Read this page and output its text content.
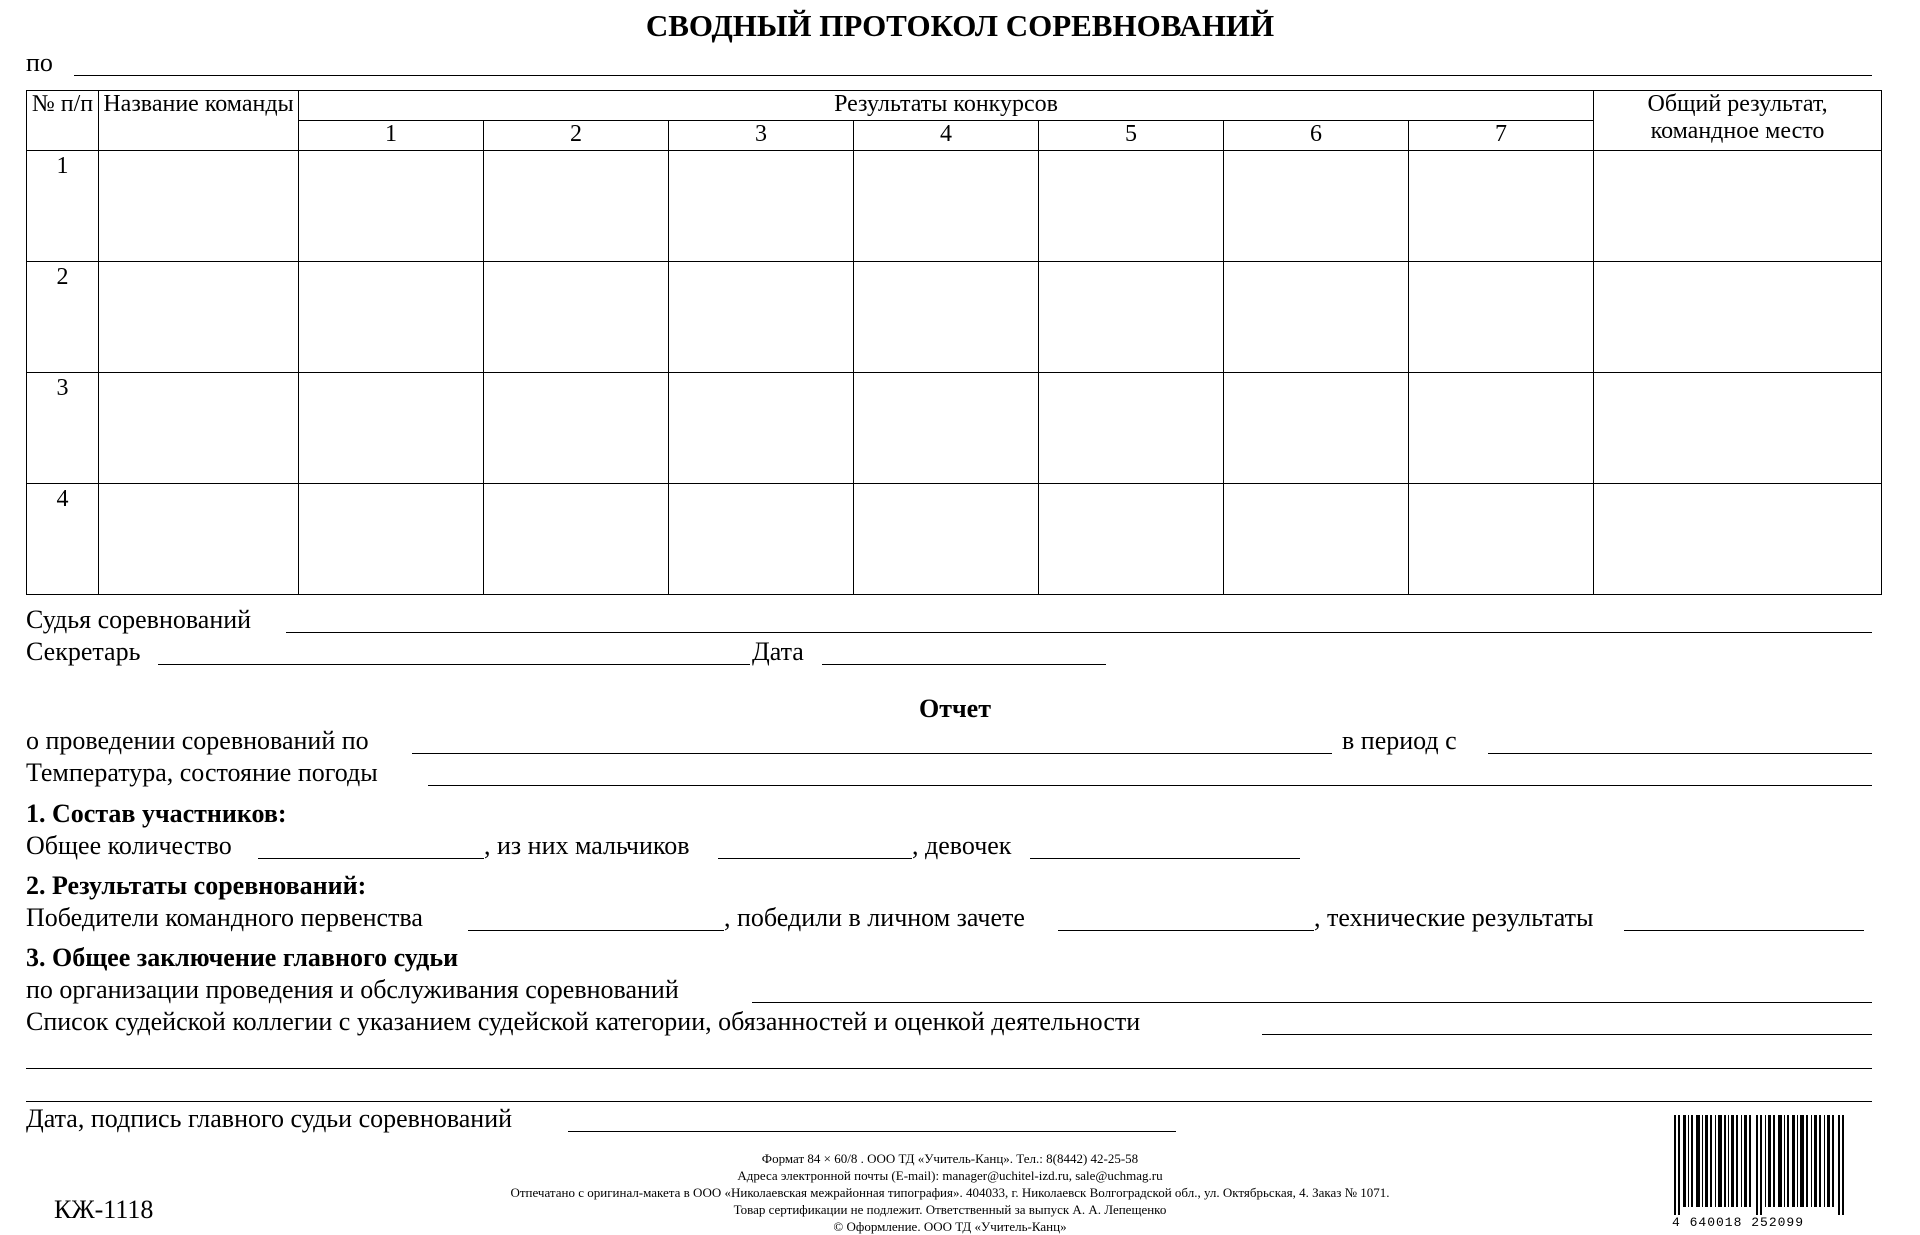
СВОДНЫЙ ПРОТОКОЛ СОРЕВНОВАНИЙ
по
№ п/п	Название команды	Результаты конкурсов							Общий результат, командное место
		1	2	3	4	5	6	7	
1									
2									
3									
4									
Судья соревнований
Секретарь	Дата
Отчет
о проведении соревнований по	в период с
Температура, состояние погоды
1. Состав участников:
Общее количество	, из них мальчиков	, девочек
2. Результаты соревнований:
Победители командного первенства	, победили в личном зачете	, технические результаты
3. Общее заключение главного судьи
по организации проведения и обслуживания соревнований
Список судейской коллегии с указанием судейской категории, обязанностей и оценкой деятельности
Дата, подпись главного судьи соревнований
Формат 84 × 60/8 . ООО ТД «Учитель-Канц». Тел.: 8(8442) 42-25-58
Адреса электронной почты (E-mail): manager@uchitel-izd.ru, sale@uchmag.ru
Отпечатано с оригинал-макета в ООО «Николаевская межрайонная типография». 404033, г. Николаевск Волгоградской обл., ул. Октябрьская, 4. Заказ № 1071.
Товар сертификации не подлежит. Ответственный за выпуск А. А. Лепещенко
© Оформление. ООО ТД «Учитель-Канц»
КЖ-1118	4 640018 252099
